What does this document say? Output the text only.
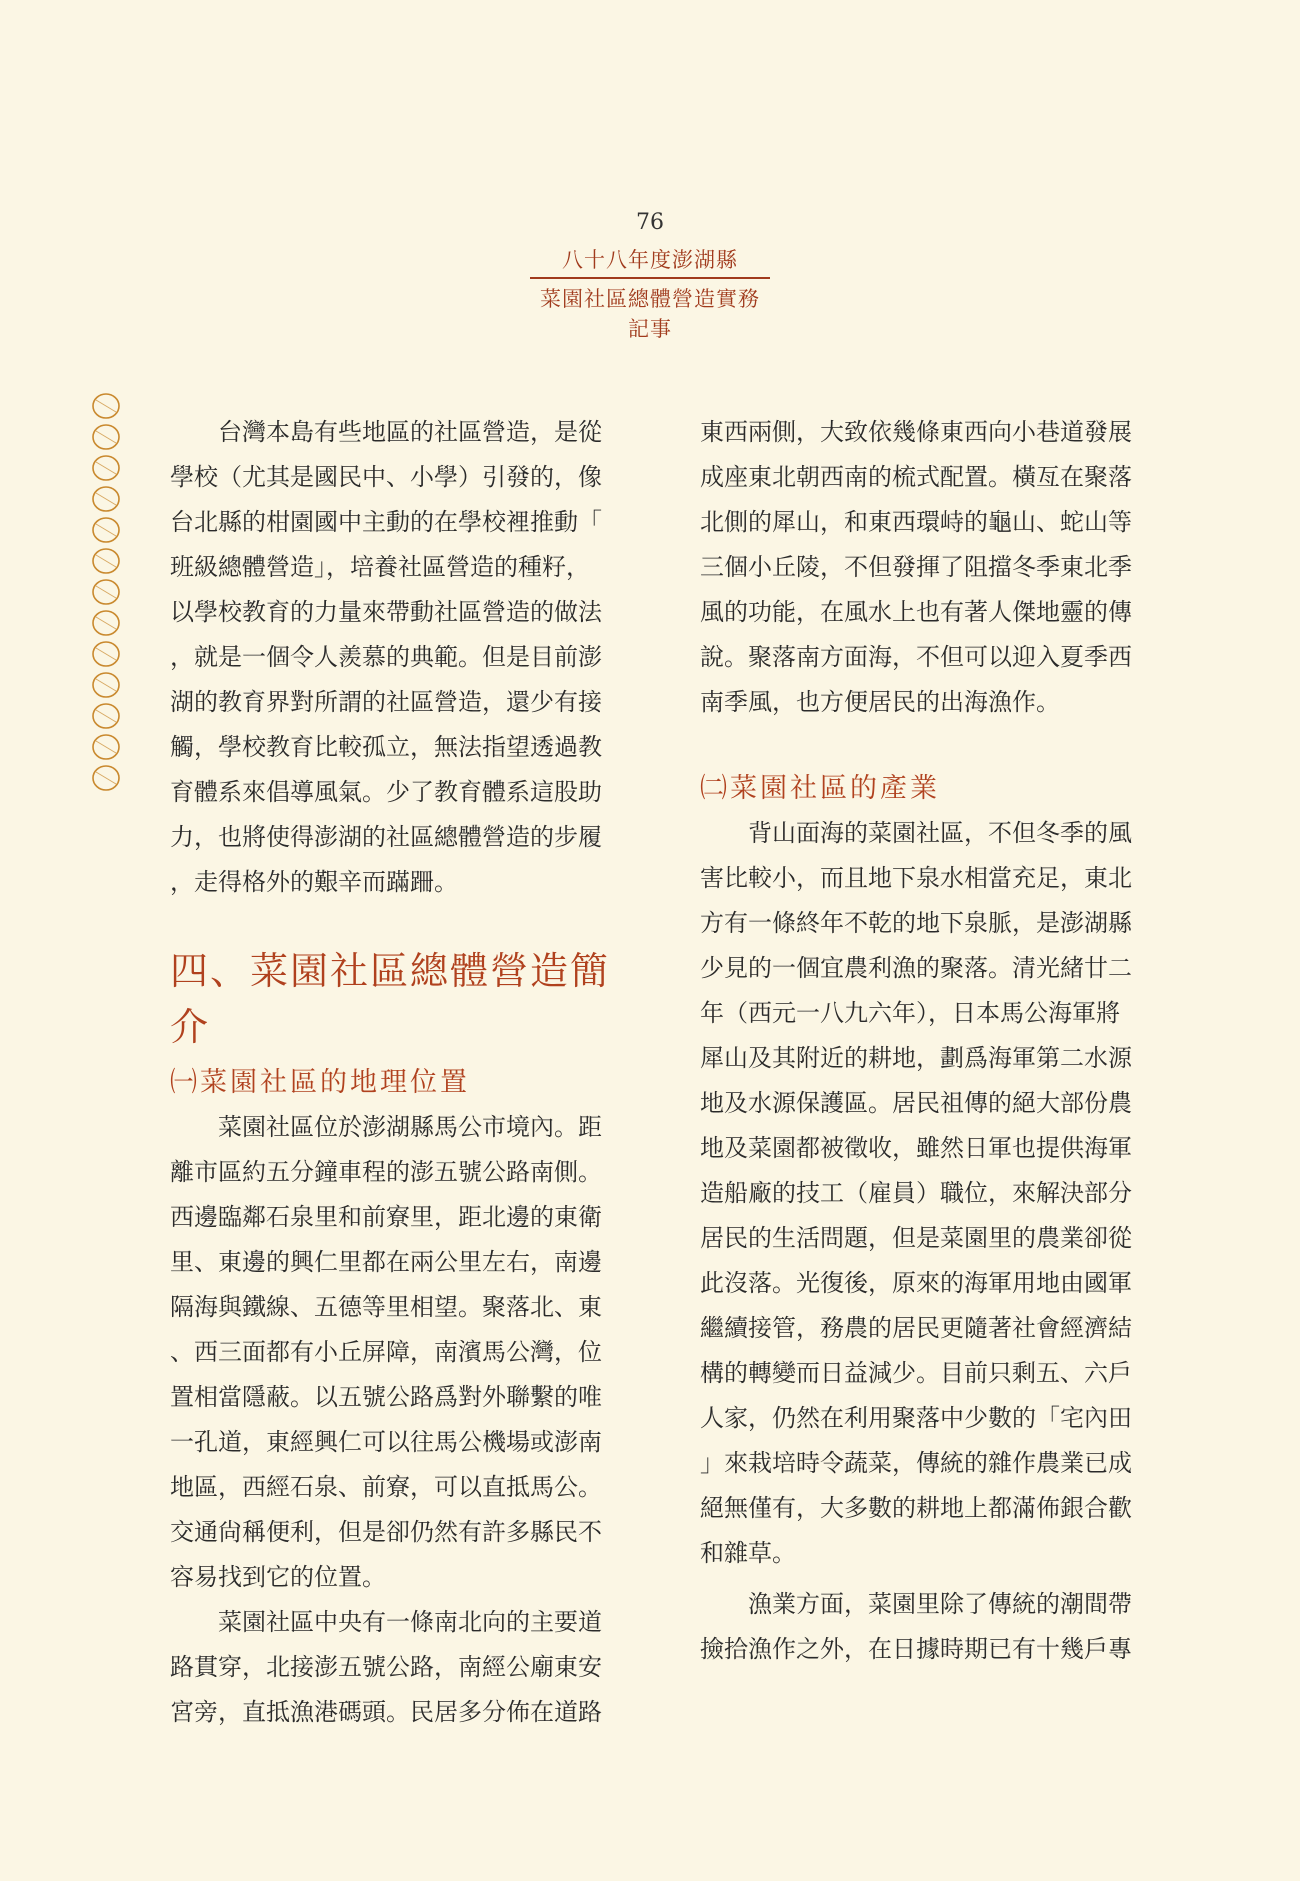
76
八十八年度澎湖縣
菜園社區總體營造實務記事

　　台灣本島有些地區的社區營造，是從
學校（尤其是國民中、小學）引發的，像
台北縣的柑園國中主動的在學校裡推動「
班級總體營造」，培養社區營造的種籽，
以學校教育的力量來帶動社區營造的做法
，就是一個令人羨慕的典範。但是目前澎
湖的教育界對所謂的社區營造，還少有接
觸，學校教育比較孤立，無法指望透過教
育體系來倡導風氣。少了教育體系這股助
力，也將使得澎湖的社區總體營造的步履
，走得格外的艱辛而蹣跚。

四、菜園社區總體營造簡介
㈠菜園社區的地理位置

　　菜園社區位於澎湖縣馬公市境內。距
離市區約五分鐘車程的澎五號公路南側。
西邊臨鄰石泉里和前寮里，距北邊的東衛
里、東邊的興仁里都在兩公里左右，南邊
隔海與鐵線、五德等里相望。聚落北、東
、西三面都有小丘屏障，南濱馬公灣，位
置相當隱蔽。以五號公路爲對外聯繫的唯
一孔道，東經興仁可以往馬公機場或澎南
地區，西經石泉、前寮，可以直抵馬公。
交通尙稱便利，但是卻仍然有許多縣民不
容易找到它的位置。

　　菜園社區中央有一條南北向的主要道
路貫穿，北接澎五號公路，南經公廟東安
宮旁，直抵漁港碼頭。民居多分佈在道路

東西兩側，大致依幾條東西向小巷道發展
成座東北朝西南的梳式配置。橫亙在聚落
北側的犀山，和東西環峙的龜山、蛇山等
三個小丘陵，不但發揮了阻擋冬季東北季
風的功能，在風水上也有著人傑地靈的傳
說。聚落南方面海，不但可以迎入夏季西
南季風，也方便居民的出海漁作。

㈡菜園社區的產業

　　背山面海的菜園社區，不但冬季的風
害比較小，而且地下泉水相當充足，東北
方有一條終年不乾的地下泉脈，是澎湖縣
少見的一個宜農利漁的聚落。清光緒廿二
年（西元一八九六年），日本馬公海軍將
犀山及其附近的耕地，劃爲海軍第二水源
地及水源保護區。居民祖傳的絕大部份農
地及菜園都被徵收，雖然日軍也提供海軍
造船廠的技工（雇員）職位，來解決部分
居民的生活問題，但是菜園里的農業卻從
此沒落。光復後，原來的海軍用地由國軍
繼續接管，務農的居民更隨著社會經濟結
構的轉變而日益減少。目前只剩五、六戶
人家，仍然在利用聚落中少數的「宅內田
」來栽培時令蔬菜，傳統的雜作農業已成
絕無僅有，大多數的耕地上都滿佈銀合歡
和雜草。

　　漁業方面，菜園里除了傳統的潮間帶
撿拾漁作之外，在日據時期已有十幾戶專
